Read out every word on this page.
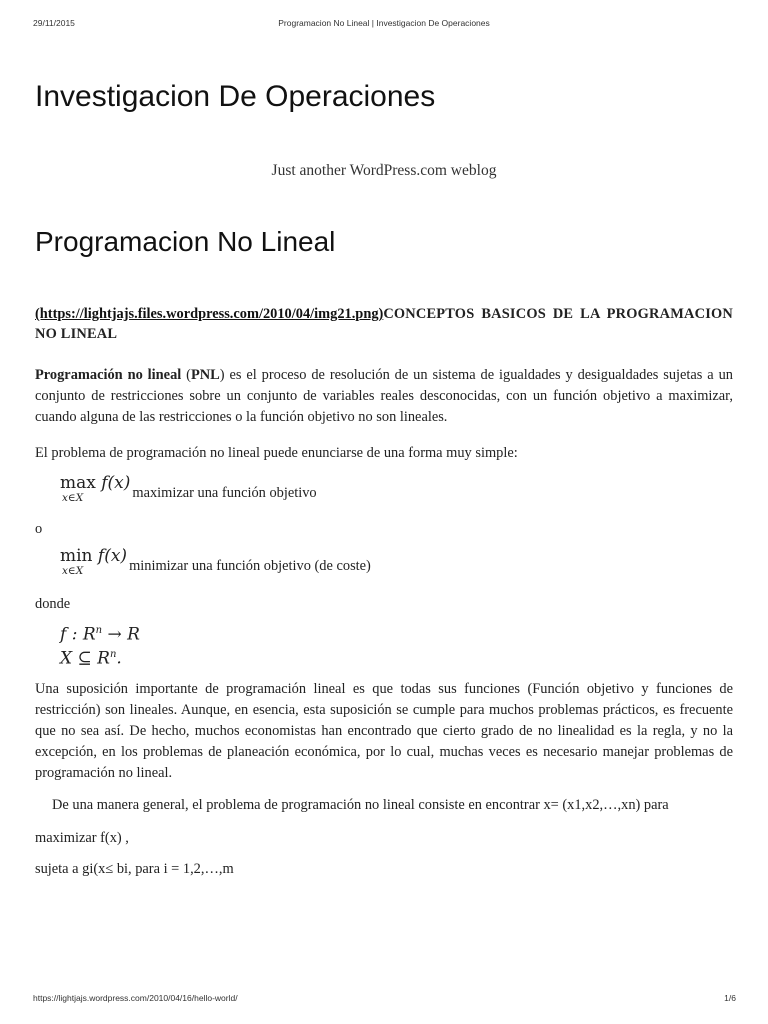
29/11/2015	Programacion No Lineal | Investigacion De Operaciones
Investigacion De Operaciones
Just another WordPress.com weblog
Programacion No Lineal

(https://lightjajs.files.wordpress.com/2010/04/img21.png)CONCEPTOS BASICOS DE LA PROGRAMACION NO LINEAL

Programación no lineal (PNL) es el proceso de resolución de un sistema de igualdades y desigualdades sujetas a un conjunto de restricciones sobre un conjunto de variables reales desconocidas, con un función objetivo a maximizar, cuando alguna de las restricciones o la función objetivo no son lineales.

El problema de programación no lineal puede enunciarse de una forma muy simple:

max f(x)
x∈X	maximizar una función objetivo

o

min f(x)
x∈X	minimizar una función objetivo (de coste)

donde

f : $R^n \to R$
X ⊆ $R^n$.

Una suposición importante de programación lineal es que todas sus funciones (Función objetivo y funciones de restricción) son lineales. Aunque, en esencia, esta suposición se cumple para muchos problemas prácticos, es frecuente que no sea así. De hecho, muchos economistas han encontrado que cierto grado de no linealidad es la regla, y no la excepción, en los problemas de planeación económica, por lo cual, muchas veces es necesario manejar problemas de programación no lineal.

De una manera general, el problema de programación no lineal consiste en encontrar x= (x1,x2,…,xn) para

maximizar f(x) ,

sujeta a gi(x≤ bi, para i = 1,2,…,m

https://lightjajs.wordpress.com/2010/04/16/hello-world/	1/6
